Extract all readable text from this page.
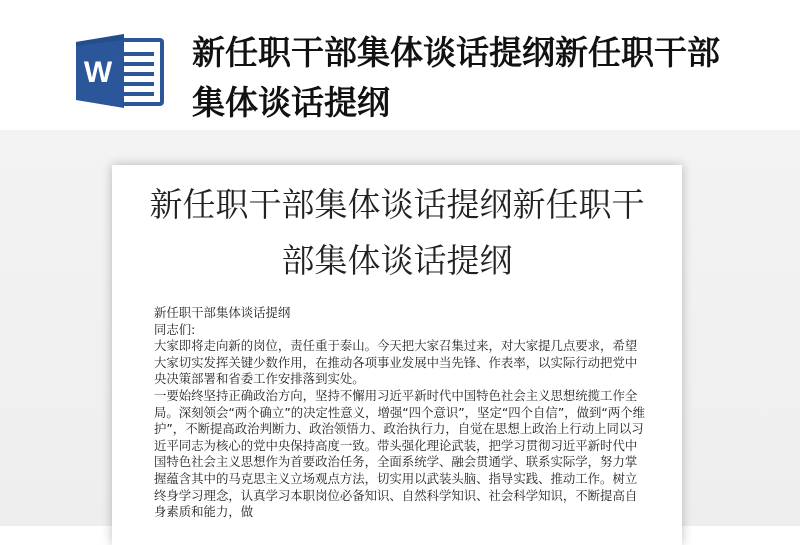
W
新任职干部集体谈话提纲新任职干部集体谈话提纲
新任职干部集体谈话提纲新任职干部集体谈话提纲

新任职干部集体谈话提纲

同志们:

大家即将走向新的岗位，责任重于泰山。今天把大家召集过来，对大家提几点要求，希望大家切实发挥关键少数作用，在推动各项事业发展中当先锋、作表率，以实际行动把党中央决策部署和省委工作安排落到实处。

一要始终坚持正确政治方向，坚持不懈用习近平新时代中国特色社会主义思想统揽工作全局。深刻领会“两个确立”的决定性意义，增强“四个意识”，坚定“四个自信”，做到“两个维护”，不断提高政治判断力、政治领悟力、政治执行力，自觉在思想上政治上行动上同以习近平同志为核心的党中央保持高度一致。带头强化理论武装，把学习贯彻习近平新时代中国特色社会主义思想作为首要政治任务，全面系统学、融会贯通学、联系实际学，努力掌握蕴含其中的马克思主义立场观点方法，切实用以武装头脑、指导实践、推动工作。树立终身学习理念，认真学习本职岗位必备知识、自然科学知识、社会科学知识，不断提高自身素质和能力，做
